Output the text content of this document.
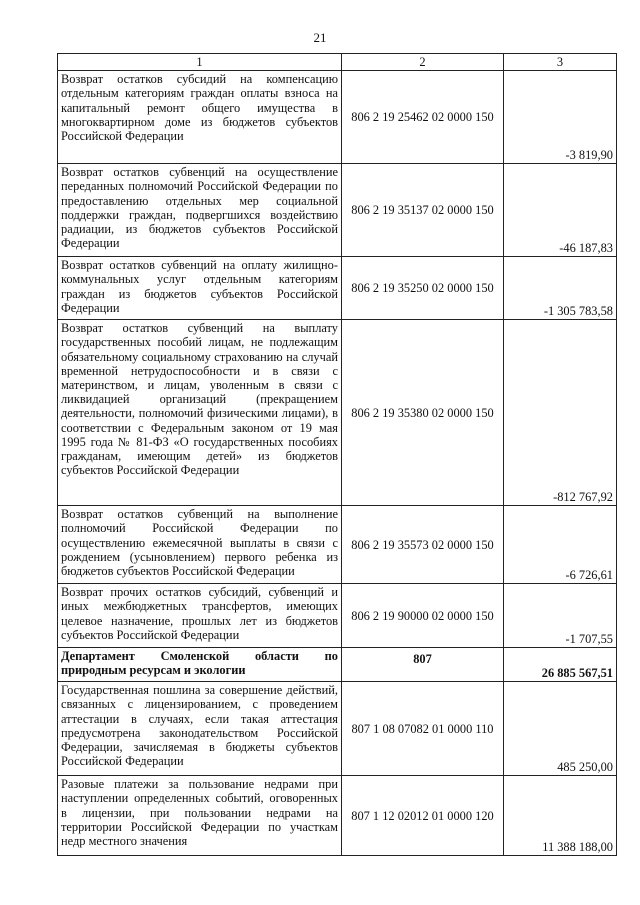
21
1	2	3
Возврат остатков субсидий на компенсацию отдельным категориям граждан оплаты взноса на капитальный ремонт общего имущества в многоквартирном доме из бюджетов субъектов Российской Федерации	806 2 19 25462 02 0000 150	-3 819,90
Возврат остатков субвенций на осуществление переданных полномочий Российской Федерации по предоставлению отдельных мер социальной поддержки граждан, подвергшихся воздействию радиации, из бюджетов субъектов Российской Федерации	806 2 19 35137 02 0000 150	-46 187,83
Возврат остатков субвенций на оплату жилищно-коммунальных услуг отдельным категориям граждан из бюджетов субъектов Российской Федерации	806 2 19 35250 02 0000 150	-1 305 783,58
Возврат остатков субвенций на выплату государственных пособий лицам, не подлежащим обязательному социальному страхованию на случай временной нетрудоспособности и в связи с материнством, и лицам, уволенным в связи с ликвидацией организаций (прекращением деятельности, полномочий физическими лицами), в соответствии с Федеральным законом от 19 мая 1995 года № 81-ФЗ «О государственных пособиях гражданам, имеющим детей» из бюджетов субъектов Российской Федерации	806 2 19 35380 02 0000 150	-812 767,92
Возврат остатков субвенций на выполнение полномочий Российской Федерации по осуществлению ежемесячной выплаты в связи с рождением (усыновлением) первого ребенка из бюджетов субъектов Российской Федерации	806 2 19 35573 02 0000 150	-6 726,61
Возврат прочих остатков субсидий, субвенций и иных межбюджетных трансфертов, имеющих целевое назначение, прошлых лет из бюджетов субъектов Российской Федерации	806 2 19 90000 02 0000 150	-1 707,55
Департамент Смоленской области по природным ресурсам и экологии	807	26 885 567,51
Государственная пошлина за совершение действий, связанных с лицензированием, с проведением аттестации в случаях, если такая аттестация предусмотрена законодательством Российской Федерации, зачисляемая в бюджеты субъектов Российской Федерации	807 1 08 07082 01 0000 110	485 250,00
Разовые платежи за пользование недрами при наступлении определенных событий, оговоренных в лицензии, при пользовании недрами на территории Российской Федерации по участкам недр местного значения	807 1 12 02012 01 0000 120	11 388 188,00
